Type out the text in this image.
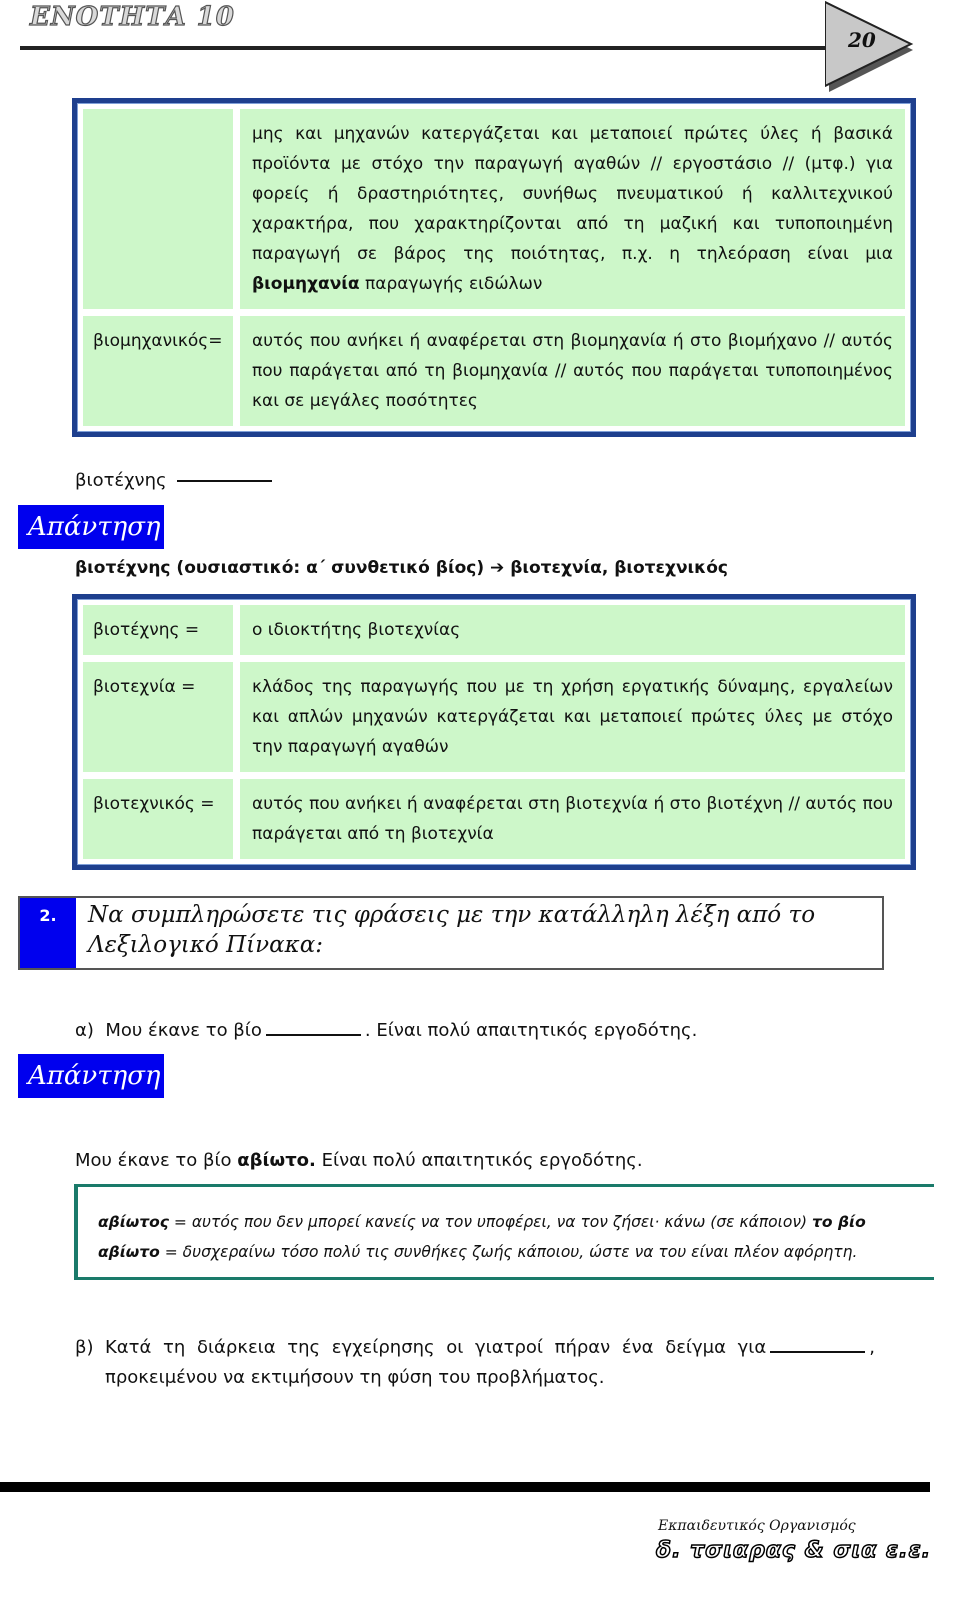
ΕΝΟΤΗΤΑ 10
20
μης και μηχανών κατεργάζεται και μεταποιεί πρώτες ύλες ή βασικά προϊόντα με στόχο την παραγωγή αγαθών // εργοστάσιο // (μτφ.) για φορείς ή δραστηριότητες, συνήθως πνευματικού ή καλλιτεχνικού χαρακτήρα, που χαρακτηρίζονται από τη μαζική και τυποποιημένη παραγωγή σε βάρος της ποιότητας, π.χ. η τηλεόραση είναι μια βιομηχανία παραγωγής ειδώλων
βιομηχανικός=	αυτός που ανήκει ή αναφέρεται στη βιομηχανία ή στο βιομήχανο // αυτός που παράγεται από τη βιομηχανία // αυτός που παράγεται τυποποιημένος και σε μεγάλες ποσότητες
βιοτέχνης
Απάντηση
βιοτέχνης (ουσιαστικό: α΄ συνθετικό βίος) ➔ βιοτεχνία, βιοτεχνικός
βιοτέχνης =	ο ιδιοκτήτης βιοτεχνίας
βιοτεχνία =	κλάδος της παραγωγής που με τη χρήση εργατικής δύναμης, εργαλείων και απλών μηχανών κατεργάζεται και μεταποιεί πρώτες ύλες με στόχο την παραγωγή αγαθών
βιοτεχνικός =	αυτός που ανήκει ή αναφέρεται στη βιοτεχνία ή στο βιοτέχνη // αυτός που παράγεται από τη βιοτεχνία
2.	Να συμπληρώσετε τις φράσεις με την κατάλληλη λέξη από το Λεξιλογικό Πίνακα:
α) Μου έκανε το βίο	. Είναι πολύ απαιτητικός εργοδότης.
Απάντηση
Μου έκανε το βίο αβίωτο. Είναι πολύ απαιτητικός εργοδότης.
αβίωτος = αυτός που δεν μπορεί κανείς να τον υποφέρει, να τον ζήσει· κάνω (σε κάποιον) το βίο αβίωτο = δυσχεραίνω τόσο πολύ τις συνθήκες ζωής κάποιου, ώστε να του είναι πλέον αφόρητη.
β) Κατά τη διάρκεια της εγχείρησης οι γιατροί πήραν ένα δείγμα για	, προκειμένου να εκτιμήσουν τη φύση του προβλήματος.
Εκπαιδευτικός Οργανισμός
δ. τσιαρας & σια ε.ε.
